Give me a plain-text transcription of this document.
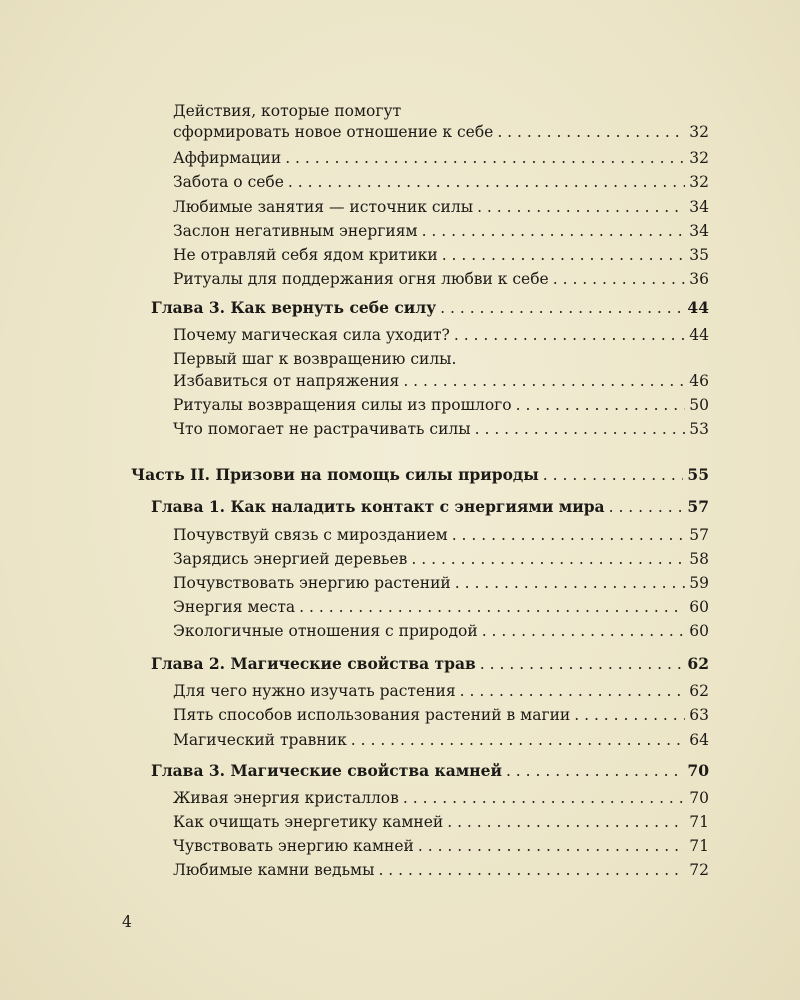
Действия, которые помогут
сформировать новое отношение к себе . . .	32
Аффирмации . . .	32
Забота о себе . . .	32
Любимые занятия — источник силы . . .	34
Заслон негативным энергиям . . .	34
Не отравляй себя ядом критики . . .	35
Ритуалы для поддержания огня любви к себе . . .	36
Глава 3. Как вернуть себе силу . . .	44
Почему магическая сила уходит? . . .	44
Первый шаг к возвращению силы.
Избавиться от напряжения . . .	46
Ритуалы возвращения силы из прошлого . . .	50
Что помогает не растрачивать силы . . .	53
Часть II. Призови на помощь силы природы . . .	55
Глава 1. Как наладить контакт с энергиями мира . . .	57
Почувствуй связь с мирозданием . . .	57
Зарядись энергией деревьев . . .	58
Почувствовать энергию растений . . .	59
Энергия места . . .	60
Экологичные отношения с природой . . .	60
Глава 2. Магические свойства трав . . .	62
Для чего нужно изучать растения . . .	62
Пять способов использования растений в магии . . .	63
Магический травник . . .	64
Глава 3. Магические свойства камней . . .	70
Живая энергия кристаллов . . .	70
Как очищать энергетику камней . . .	71
Чувствовать энергию камней . . .	71
Любимые камни ведьмы . . .	72
4
